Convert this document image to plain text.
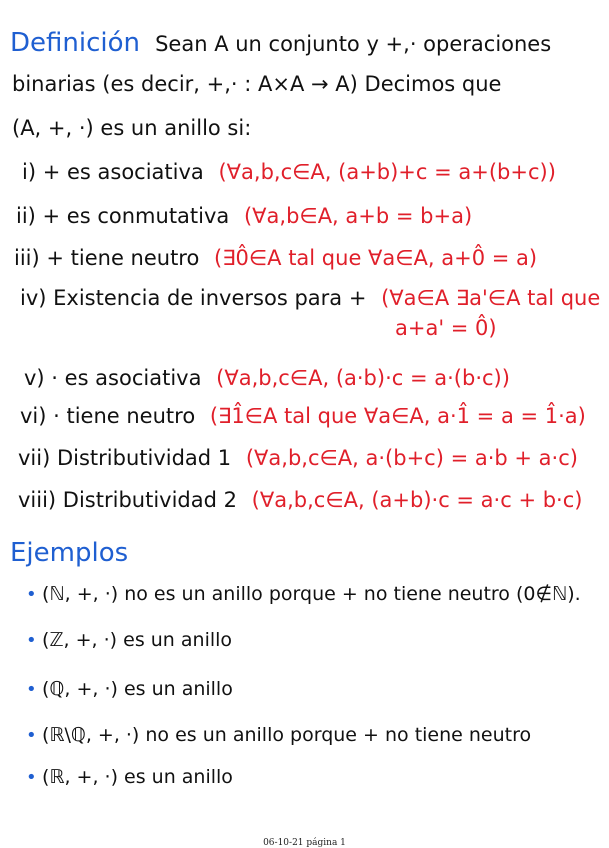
Definición Sean A un conjunto y +,· operaciones
binarias (es decir, +,· : A×A → A) Decimos que
(A, +, ·) es un anillo si:
i) + es asociativa (∀a,b,c∈A, (a+b)+c = a+(b+c))
ii) + es conmutativa (∀a,b∈A, a+b = b+a)
iii) + tiene neutro (∃0̂∈A tal que ∀a∈A, a+0̂ = a)
iv) Existencia de inversos para + (∀a∈A ∃a'∈A tal que
a+a' = 0̂)
v) · es asociativa (∀a,b,c∈A, (a·b)·c = a·(b·c))
vi) · tiene neutro (∃1̂∈A tal que ∀a∈A, a·1̂ = a = 1̂·a)
vii) Distributividad 1 (∀a,b,c∈A, a·(b+c) = a·b + a·c)
viii) Distributividad 2 (∀a,b,c∈A, (a+b)·c = a·c + b·c)
Ejemplos
• (ℕ, +, ·) no es un anillo porque + no tiene neutro (0∉ℕ).
• (ℤ, +, ·) es un anillo
• (ℚ, +, ·) es un anillo
• (ℝ\ℚ, +, ·) no es un anillo porque + no tiene neutro
• (ℝ, +, ·) es un anillo
06-10-21 página 1
